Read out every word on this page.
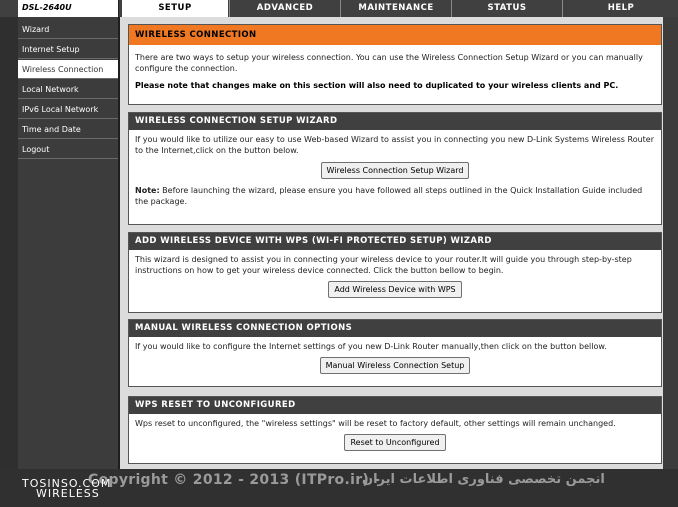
DSL-2640U	SETUP	ADVANCED	MAINTENANCE	STATUS	HELP
Wizard
Internet Setup
Wireless Connection
Local Network
IPv6 Local Network
Time and Date
Logout
WIRELESS CONNECTION

There are two ways to setup your wireless connection. You can use the Wireless Connection Setup Wizard or you can manually configure the connection.

Please note that changes make on this section will also need to duplicated to your wireless clients and PC.

WIRELESS CONNECTION SETUP WIZARD

If you would like to utilize our easy to use Web-based Wizard to assist you in connecting you new D-Link Systems Wireless Router to the Internet,click on the button below.

Wireless Connection Setup Wizard

Note: Before launching the wizard, please ensure you have followed all steps outlined in the Quick Installation Guide included the package.

ADD WIRELESS DEVICE WITH WPS (WI-FI PROTECTED SETUP) WIZARD

This wizard is designed to assist you in connecting your wireless device to your router.It will guide you through step-by-step instructions on how to get your wireless device connected. Click the button bellow to begin.

Add Wireless Device with WPS
MANUAL WIRELESS CONNECTION OPTIONS

If you would like to configure the Internet settings of you new D-Link Router manually,then click on the button bellow.

Manual Wireless Connection Setup
WPS RESET TO UNCONFIGURED

Wps reset to unconfigured, the "wireless settings" will be reset to factory default, other settings will remain unchanged.

Reset to Unconfigured
Copyright © 2012 - 2013 (ITPro.ir) -
انجمن تخصصی فناوری اطلاعات ایران
TOSINSO.COM
WIRELESS
